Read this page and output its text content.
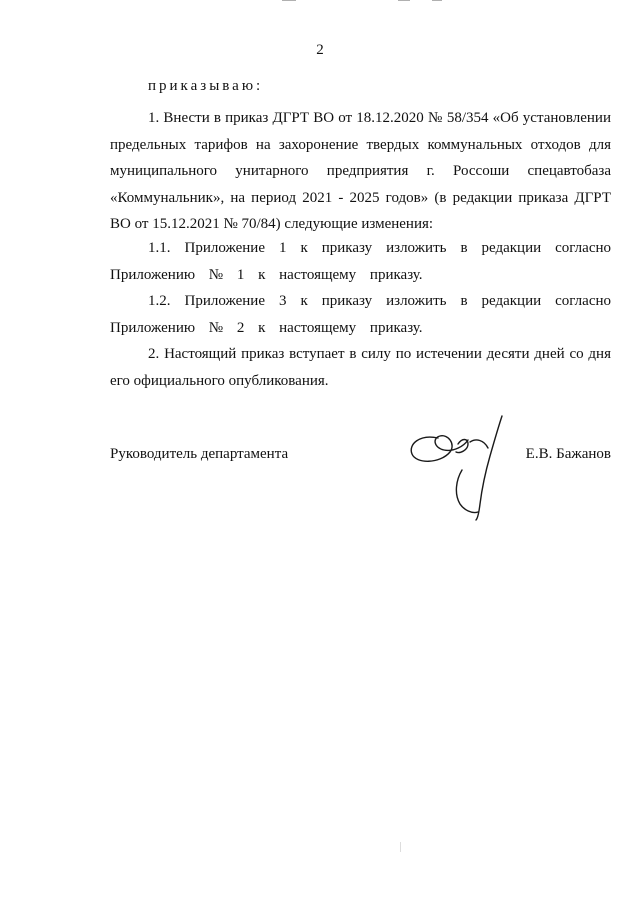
2
приказываю:

1. Внести в приказ ДГРТ ВО от 18.12.2020 № 58/354 «Об установлении предельных тарифов на захоронение твердых коммунальных отходов для муниципального унитарного предприятия г. Россоши спецавтобаза «Коммунальник», на период 2021 - 2025 годов» (в редакции приказа ДГРТ ВО от 15.12.2021 № 70/84) следующие изменения:

1.1. Приложение 1 к приказу изложить в редакции согласно Приложению № 1 к настоящему приказу.

1.2. Приложение 3 к приказу изложить в редакции согласно Приложению № 2 к настоящему приказу.

2. Настоящий приказ вступает в силу по истечении десяти дней со дня его официального опубликования.

Руководитель департамента	Е.В. Бажанов
